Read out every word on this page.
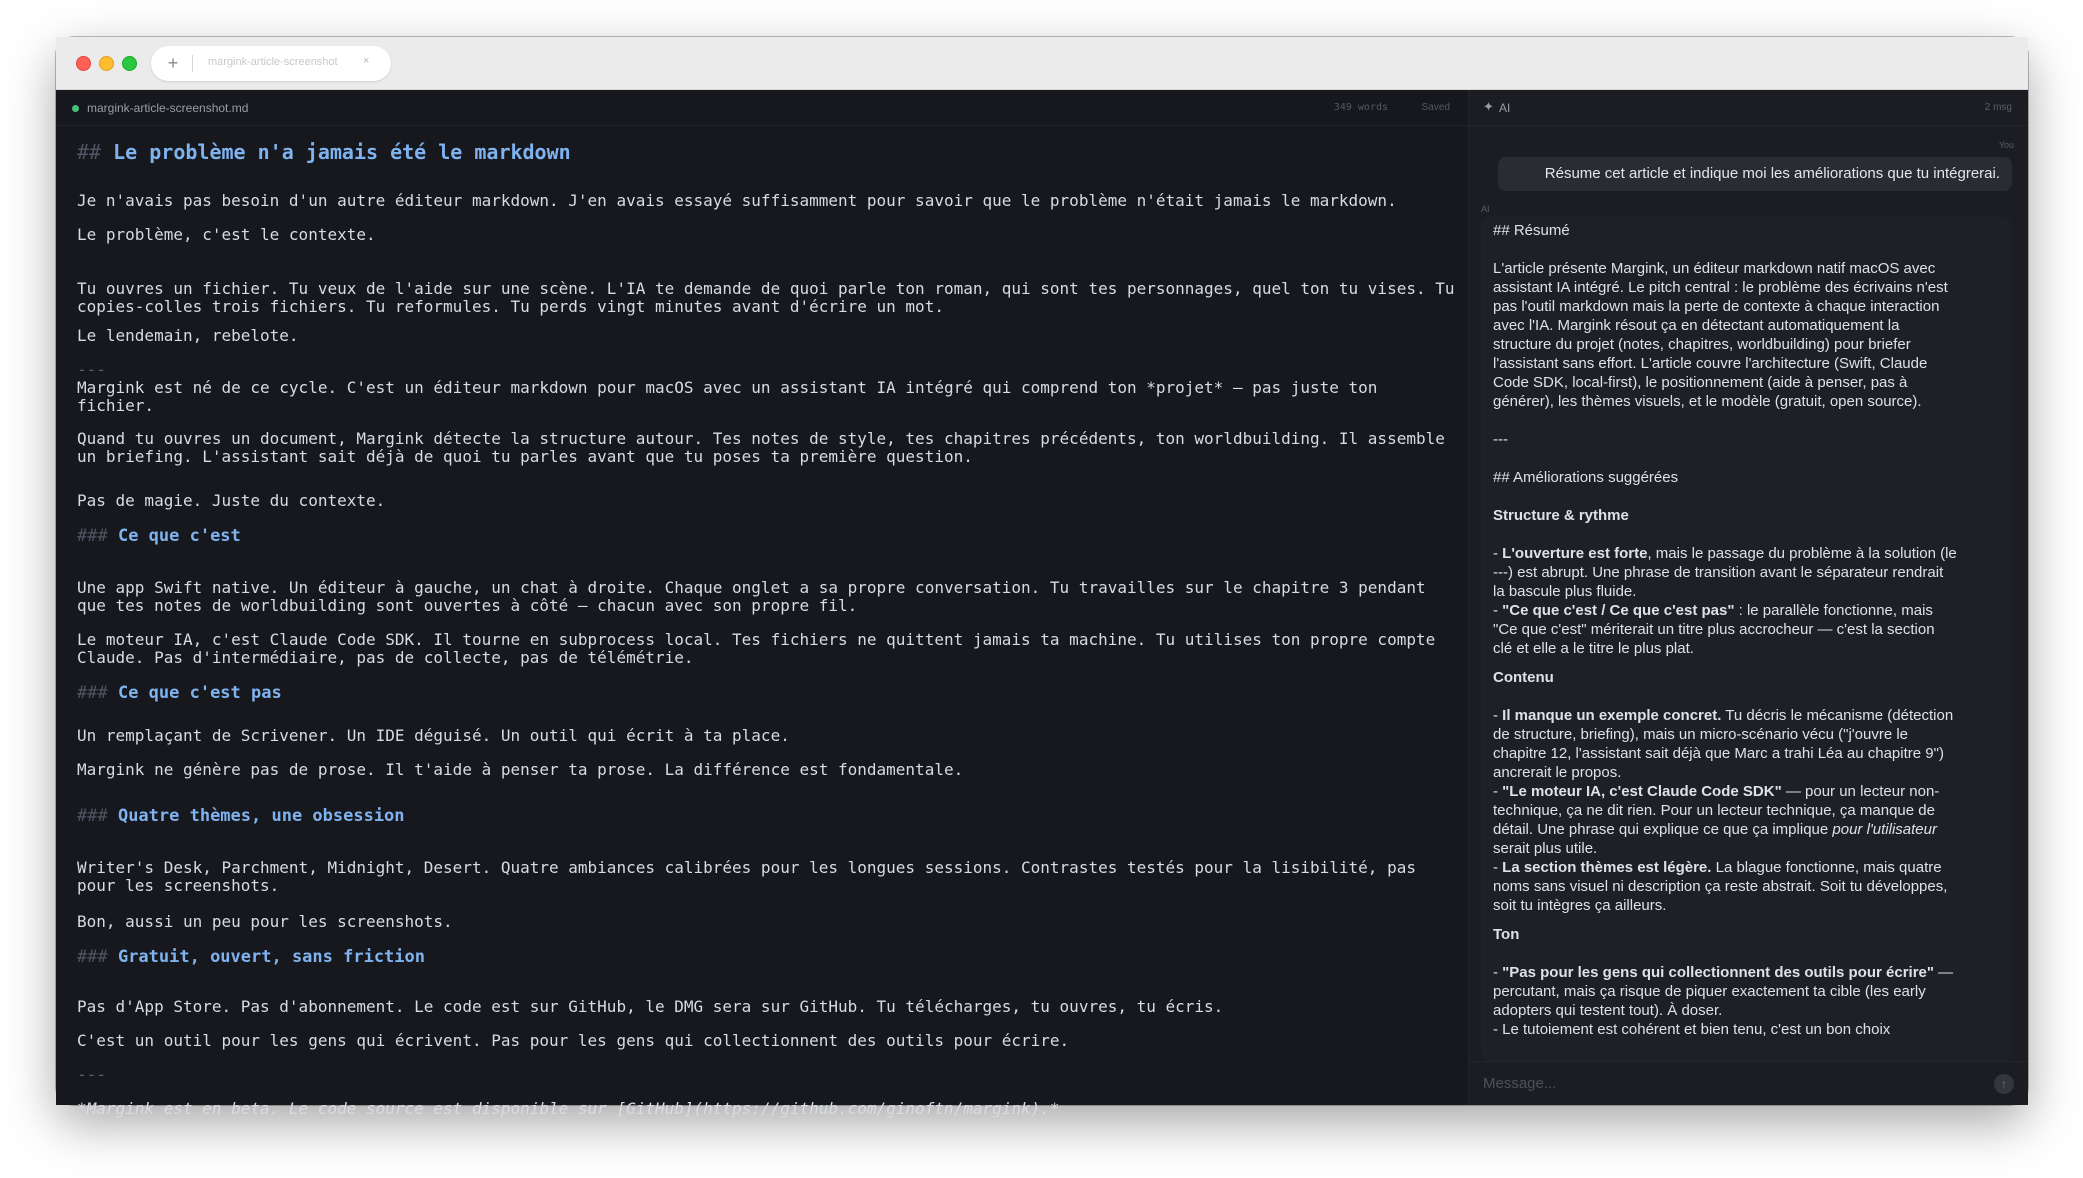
+	margink-article-screenshot ×
margink-article-screenshot.md	349 words	Saved
## Le problème n'a jamais été le markdown
Je n'avais pas besoin d'un autre éditeur markdown. J'en avais essayé suffisamment pour savoir que le problème n'était jamais le markdown.
Le problème, c'est le contexte.
Tu ouvres un fichier. Tu veux de l'aide sur une scène. L'IA te demande de quoi parle ton roman, qui sont tes personnages, quel ton tu vises. Tu copies-colles trois fichiers. Tu reformules. Tu perds vingt minutes avant d'écrire un mot.
Le lendemain, rebelote.
---
Margink est né de ce cycle. C'est un éditeur markdown pour macOS avec un assistant IA intégré qui comprend ton *projet* — pas juste ton fichier.
Quand tu ouvres un document, Margink détecte la structure autour. Tes notes de style, tes chapitres précédents, ton worldbuilding. Il assemble un briefing. L'assistant sait déjà de quoi tu parles avant que tu poses ta première question.
Pas de magie. Juste du contexte.
### Ce que c'est
Une app Swift native. Un éditeur à gauche, un chat à droite. Chaque onglet a sa propre conversation. Tu travailles sur le chapitre 3 pendant que tes notes de worldbuilding sont ouvertes à côté — chacun avec son propre fil.
Le moteur IA, c'est Claude Code SDK. Il tourne en subprocess local. Tes fichiers ne quittent jamais ta machine. Tu utilises ton propre compte Claude. Pas d'intermédiaire, pas de collecte, pas de télémétrie.
### Ce que c'est pas
Un remplaçant de Scrivener. Un IDE déguisé. Un outil qui écrit à ta place.
Margink ne génère pas de prose. Il t'aide à penser ta prose. La différence est fondamentale.
### Quatre thèmes, une obsession
Writer's Desk, Parchment, Midnight, Desert. Quatre ambiances calibrées pour les longues sessions. Contrastes testés pour la lisibilité, pas pour les screenshots.
Bon, aussi un peu pour les screenshots.
### Gratuit, ouvert, sans friction
Pas d'App Store. Pas d'abonnement. Le code est sur GitHub, le DMG sera sur GitHub. Tu télécharges, tu ouvres, tu écris.
C'est un outil pour les gens qui écrivent. Pas pour les gens qui collectionnent des outils pour écrire.
---
*Margink est en beta. Le code source est disponible sur [GitHub](https://github.com/ginoftn/margink).*
✦ AI	2 msg
You
Résume cet article et indique moi les améliorations que tu intégrerai.
AI
## Résumé
L'article présente Margink, un éditeur markdown natif macOS avec
assistant IA intégré. Le pitch central : le problème des écrivains n'est
pas l'outil markdown mais la perte de contexte à chaque interaction
avec l'IA. Margink résout ça en détectant automatiquement la
structure du projet (notes, chapitres, worldbuilding) pour briefer
l'assistant sans effort. L'article couvre l'architecture (Swift, Claude
Code SDK, local-first), le positionnement (aide à penser, pas à
générer), les thèmes visuels, et le modèle (gratuit, open source).
---
## Améliorations suggérées
Structure & rythme
- L'ouverture est forte, mais le passage du problème à la solution (le
---) est abrupt. Une phrase de transition avant le séparateur rendrait
la bascule plus fluide.
- "Ce que c'est / Ce que c'est pas" : le parallèle fonctionne, mais
"Ce que c'est" mériterait un titre plus accrocheur — c'est la section
clé et elle a le titre le plus plat.
Contenu
- Il manque un exemple concret. Tu décris le mécanisme (détection
de structure, briefing), mais un micro-scénario vécu ("j'ouvre le
chapitre 12, l'assistant sait déjà que Marc a trahi Léa au chapitre 9")
ancrerait le propos.
- "Le moteur IA, c'est Claude Code SDK" — pour un lecteur non-
technique, ça ne dit rien. Pour un lecteur technique, ça manque de
détail. Une phrase qui explique ce que ça implique pour l'utilisateur
serait plus utile.
- La section thèmes est légère. La blague fonctionne, mais quatre
noms sans visuel ni description ça reste abstrait. Soit tu développes,
soit tu intègres ça ailleurs.
Ton
- "Pas pour les gens qui collectionnent des outils pour écrire" —
percutant, mais ça risque de piquer exactement ta cible (les early
adopters qui testent tout). À doser.
- Le tutoiement est cohérent et bien tenu, c'est un bon choix
Message...
↑
